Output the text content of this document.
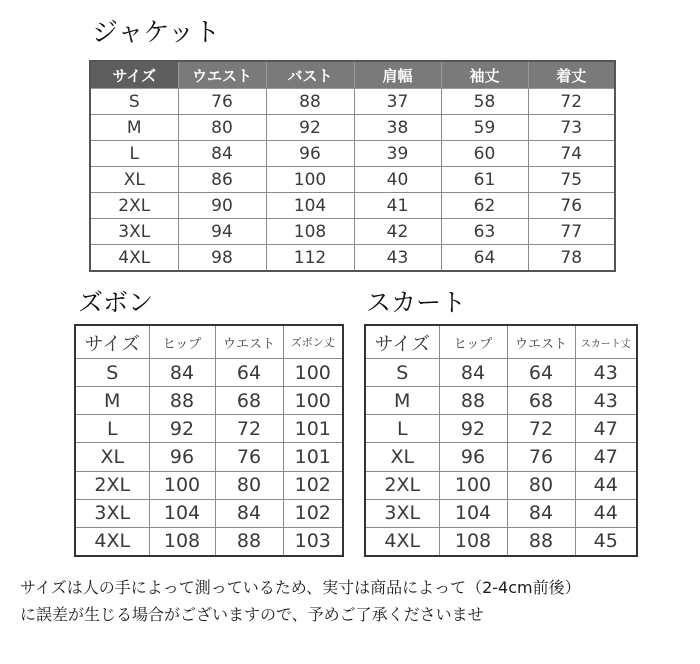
ジャケット
サイズ	ウエスト	バスト	肩幅	袖丈	着丈
S	76	88	37	58	72
M	80	92	38	59	73
L	84	96	39	60	74
XL	86	100	40	61	75
2XL	90	104	41	62	76
3XL	94	108	42	63	77
4XL	98	112	43	64	78
ズボン
サイズ	ヒップ	ウエスト	ズボン丈
S	84	64	100
M	88	68	100
L	92	72	101
XL	96	76	101
2XL	100	80	102
3XL	104	84	102
4XL	108	88	103
スカート
サイズ	ヒップ	ウエスト	スカート丈
S	84	64	43
M	88	68	43
L	92	72	47
XL	96	76	47
2XL	100	80	44
3XL	104	84	44
4XL	108	88	45

サイズは人の手によって測っているため、実寸は商品によって（2-4cm前後）

に誤差が生じる場合がございますので、予めご了承くださいませ
